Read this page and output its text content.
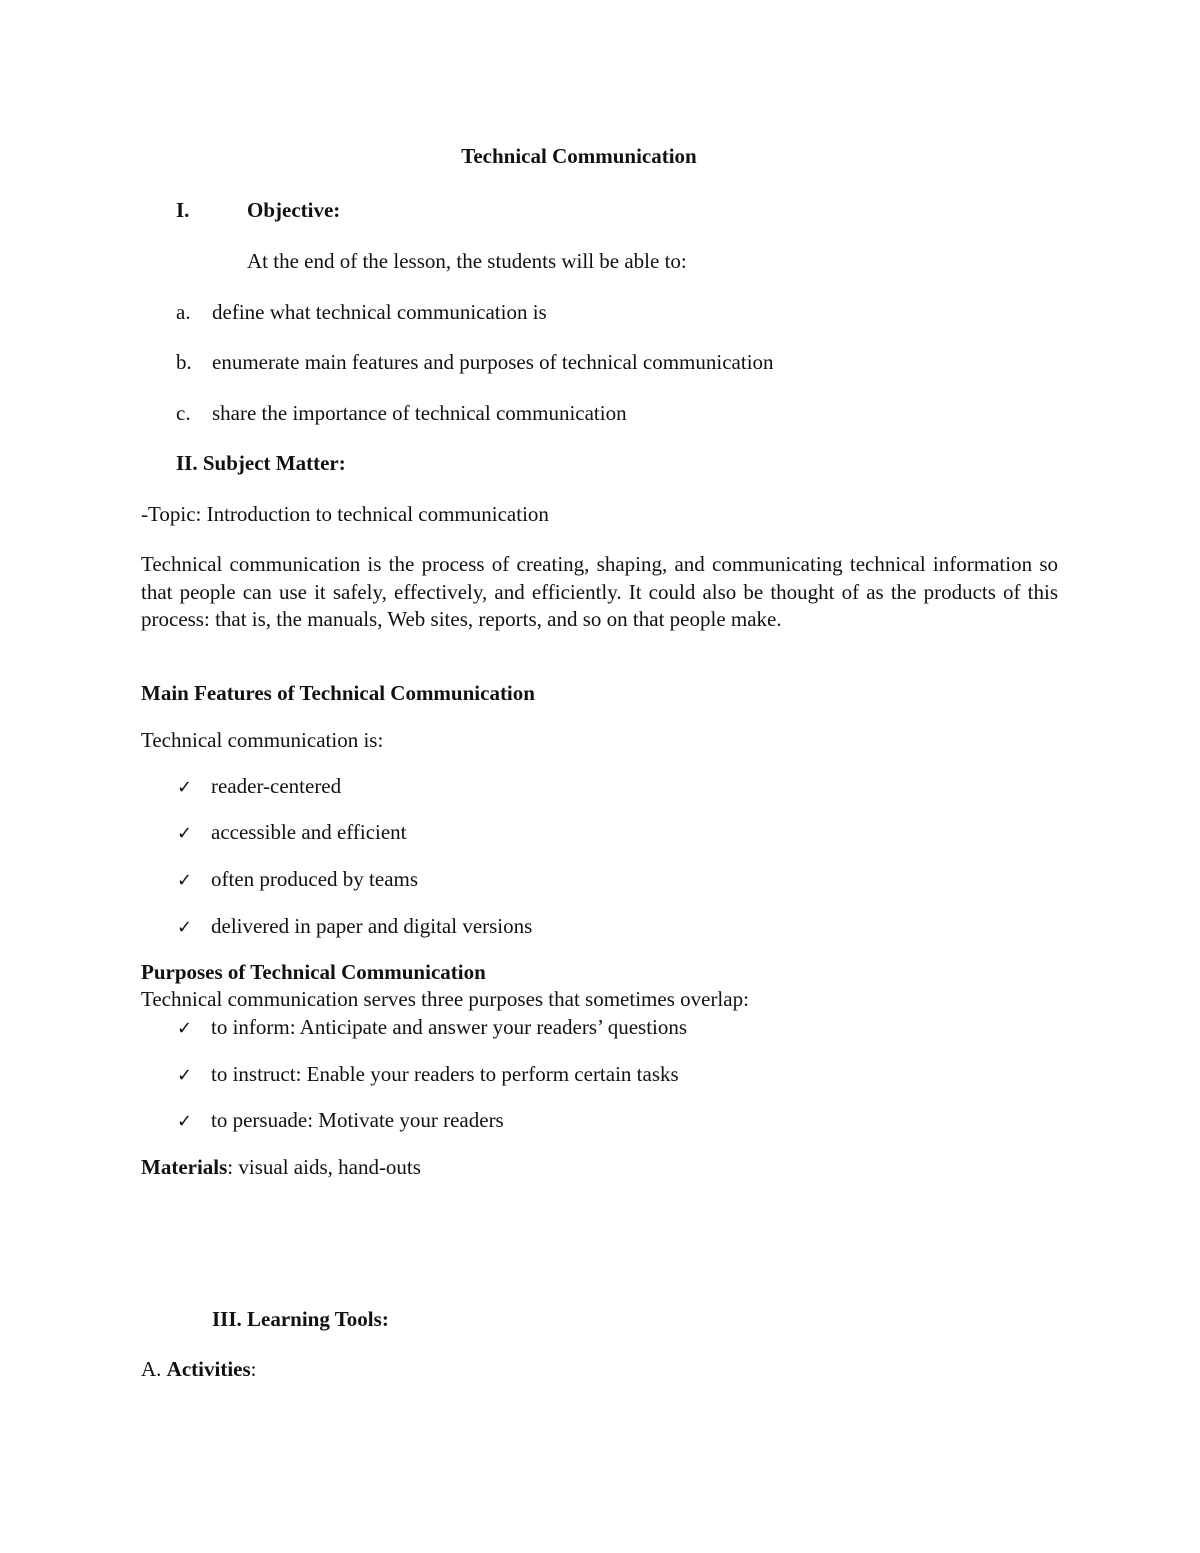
Technical Communication
I.	Objective:
At the end of the lesson, the students will be able to:
a. define what technical communication is
b. enumerate main features and purposes of technical communication
c. share the importance of technical communication
II. Subject Matter:
-Topic: Introduction to technical communication
Technical communication is the process of creating, shaping, and communicating technical information so that people can use it safely, effectively, and efficiently. It could also be thought of as the products of this process: that is, the manuals, Web sites, reports, and so on that people make.
Main Features of Technical Communication
Technical communication is:
✓ reader-centered
✓ accessible and efficient
✓ often produced by teams
✓ delivered in paper and digital versions
Purposes of Technical Communication
Technical communication serves three purposes that sometimes overlap:
✓ to inform: Anticipate and answer your readers’ questions
✓ to instruct: Enable your readers to perform certain tasks
✓ to persuade: Motivate your readers
Materials: visual aids, hand-outs
III. Learning Tools:
A. Activities:
